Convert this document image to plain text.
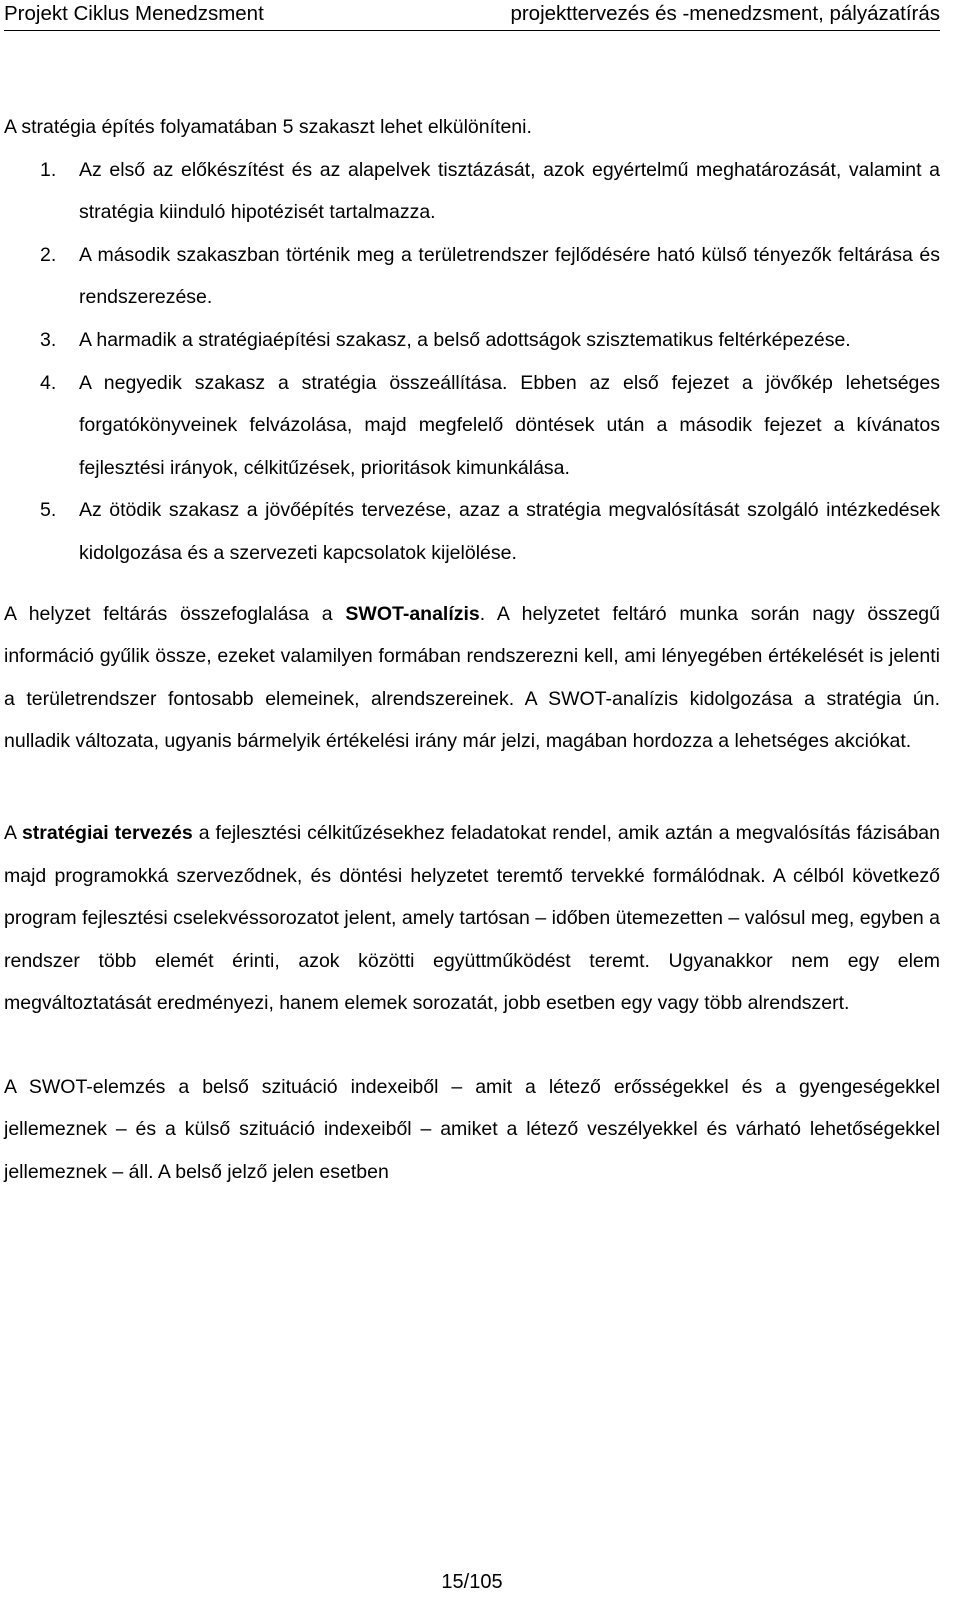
Projekt Ciklus Menedzsment	projekttervezés és -menedzsment, pályázatírás

A stratégia építés folyamatában 5 szakaszt lehet elkülöníteni.

1. Az első az előkészítést és az alapelvek tisztázását, azok egyértelmű meghatározását, valamint a stratégia kiinduló hipotézisét tartalmazza.
2. A második szakaszban történik meg a területrendszer fejlődésére ható külső tényezők feltárása és rendszerezése.
3. A harmadik a stratégiaépítési szakasz, a belső adottságok szisztematikus feltérképezése.
4. A negyedik szakasz a stratégia összeállítása. Ebben az első fejezet a jövőkép lehetséges forgatókönyveinek felvázolása, majd megfelelő döntések után a második fejezet a kívánatos fejlesztési irányok, célkitűzések, prioritások kimunkálása.
5. Az ötödik szakasz a jövőépítés tervezése, azaz a stratégia megvalósítását szolgáló intézkedések kidolgozása és a szervezeti kapcsolatok kijelölése.

A helyzet feltárás összefoglalása a SWOT-analízis. A helyzetet feltáró munka során nagy összegű információ gyűlik össze, ezeket valamilyen formában rendszerezni kell, ami lényegében értékelését is jelenti a területrendszer fontosabb elemeinek, alrendszereinek. A SWOT-analízis kidolgozása a stratégia ún. nulladik változata, ugyanis bármelyik értékelési irány már jelzi, magában hordozza a lehetséges akciókat.

A stratégiai tervezés a fejlesztési célkitűzésekhez feladatokat rendel, amik aztán a megvalósítás fázisában majd programokká szerveződnek, és döntési helyzetet teremtő tervekké formálódnak. A célból következő program fejlesztési cselekvéssorozatot jelent, amely tartósan – időben ütemezetten – valósul meg, egyben a rendszer több elemét érinti, azok közötti együttműködést teremt. Ugyanakkor nem egy elem megváltoztatását eredményezi, hanem elemek sorozatát, jobb esetben egy vagy több alrendszert.

A SWOT-elemzés a belső szituáció indexeiből – amit a létező erősségekkel és a gyengeségekkel jellemeznek – és a külső szituáció indexeiből – amiket a létező veszélyekkel és várható lehetőségekkel jellemeznek – áll. A belső jelző jelen esetben

15/105
